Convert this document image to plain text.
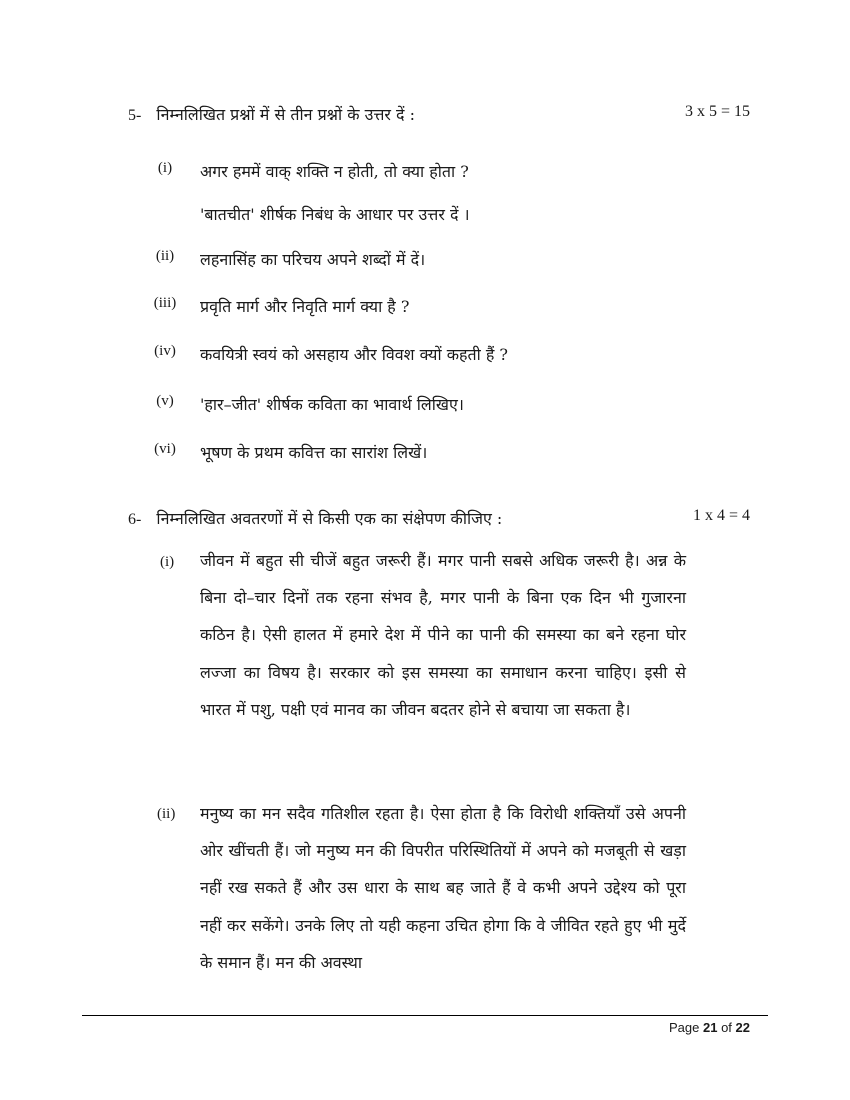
5- निम्नलिखित प्रश्नों में से तीन प्रश्नों के उत्तर दें :	3 x 5 = 15
(i)	अगर हममें वाक् शक्ति न होती, तो क्या होता ?
'बातचीत' शीर्षक निबंध के आधार पर उत्तर दें ।
(ii)	लहनासिंह का परिचय अपने शब्दों में दें।
(iii)	प्रवृति मार्ग और निवृति मार्ग क्या है ?
(iv)	कवयित्री स्वयं को असहाय और विवश क्यों कहती हैं ?
(v)	'हार–जीत' शीर्षक कविता का भावार्थ लिखिए।
(vi)	भूषण के प्रथम कवित्त का सारांश लिखें।
6- निम्नलिखित अवतरणों में से किसी एक का संक्षेपण कीजिए :	1 x 4 = 4
(i) जीवन में बहुत सी चीजें बहुत जरूरी हैं। मगर पानी सबसे अधिक जरूरी है। अन्न के बिना दो–चार दिनों तक रहना संभव है, मगर पानी के बिना एक दिन भी गुजारना कठिन है। ऐसी हालत में हमारे देश में पीने का पानी की समस्या का बने रहना घोर लज्जा का विषय है। सरकार को इस समस्या का समाधान करना चाहिए। इसी से भारत में पशु, पक्षी एवं मानव का जीवन बदतर होने से बचाया जा सकता है।
(ii) मनुष्य का मन सदैव गतिशील रहता है। ऐसा होता है कि विरोधी शक्तियाँ उसे अपनी ओर खींचती हैं। जो मनुष्य मन की विपरीत परिस्थितियों में अपने को मजबूती से खड़ा नहीं रख सकते हैं और उस धारा के साथ बह जाते हैं वे कभी अपने उद्देश्य को पूरा नहीं कर सकेंगे। उनके लिए तो यही कहना उचित होगा कि वे जीवित रहते हुए भी मुर्दे के समान हैं। मन की अवस्था
Page 21 of 22
